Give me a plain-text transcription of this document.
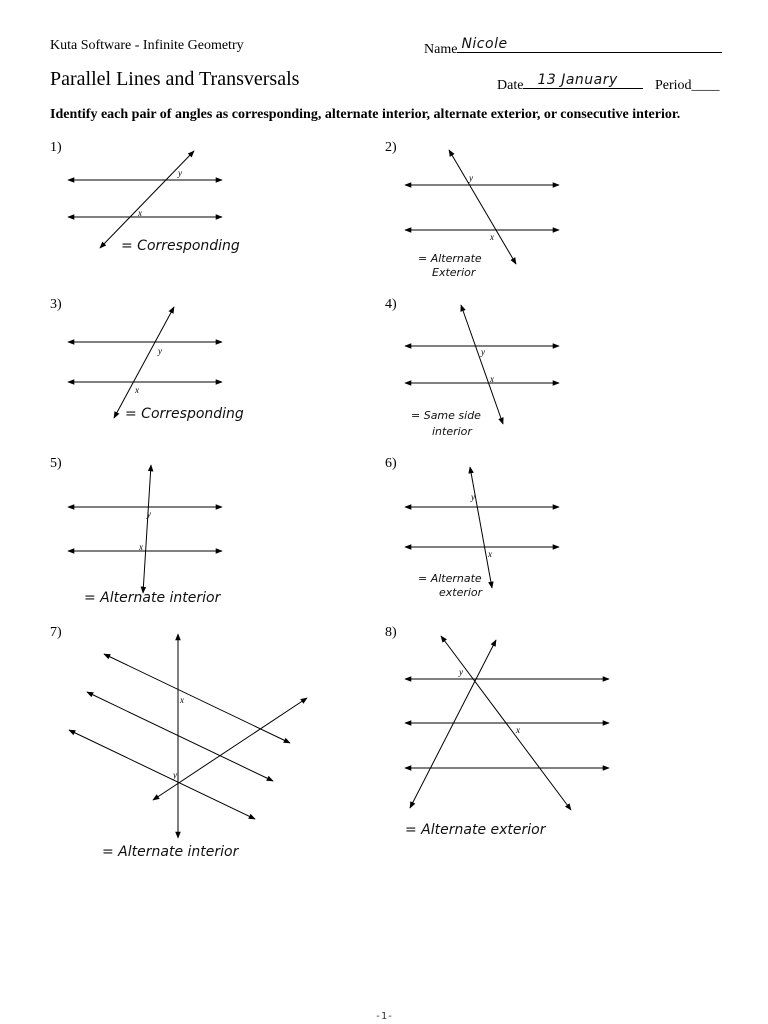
Kuta Software - Infinite Geometry
Parallel Lines and Transversals
Name Nicole
Date 13 January	Period____
Identify each pair of angles as corresponding, alternate interior, alternate exterior, or consecutive interior.
1)	2)
3)	4)
5)	6)
7)	8)
y
x
y
x
y
x
y
x
y
x
y
x
x
y
y
x
= Corresponding
= Alternate
Exterior
= Corresponding	= Same side
interior
= Alternate interior
= Alternate
exterior
= Alternate interior
= Alternate exterior
-1-
